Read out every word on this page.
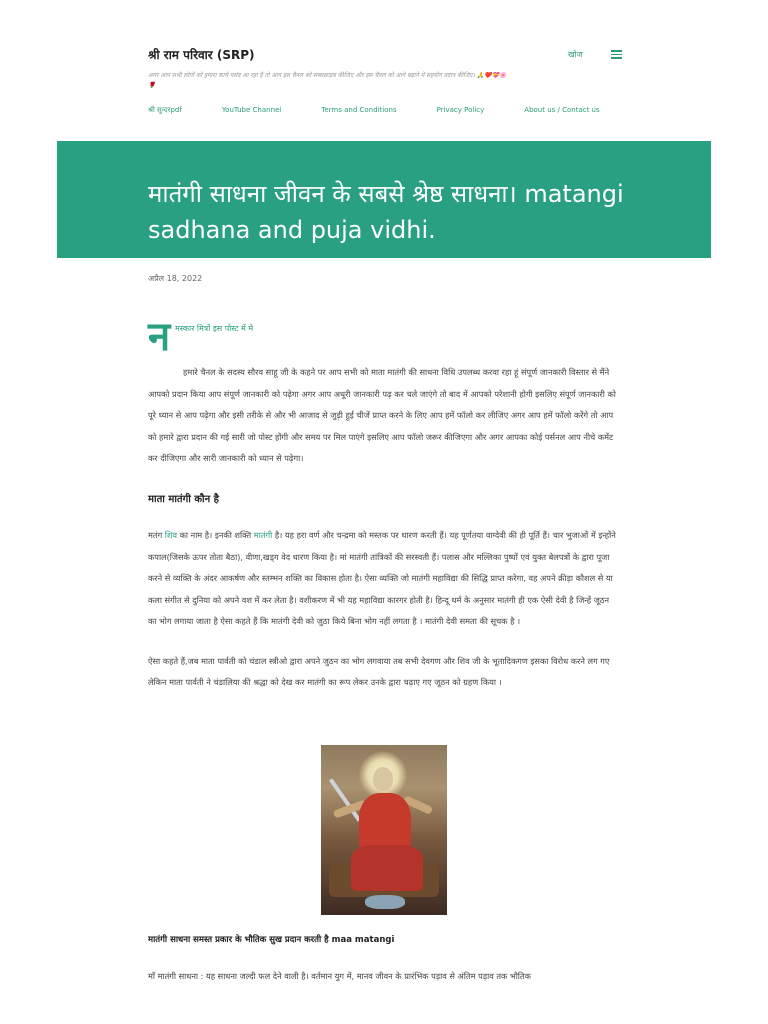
श्री राम परिवार (SRP)
अगर आप सभी लोगों को हमारा कार्य पसंद आ रहा है तो आप इस चैनल को सब्सक्राइब कीजिए और इस चैनल को आगे बढ़ाने में सहयोग प्रदान कीजिए। 🙏❤️💝🌸🌹
खोज
श्री सुन्दरpdf	YouTube Channel	Terms and Conditions	Privacy Policy	About us / Contact us
मातंगी साधना जीवन के सबसे श्रेष्ठ साधना। matangi sadhana and puja vidhi.
अप्रैल 18, 2022
न मस्कार मित्रों इस पोस्ट में मे

हमारे चैनल के सदस्य सौरव साहू जी के कहने पर आप सभी को माता मातंगी की साधना विधि उपलब्ध करवा रहा हूं संपूर्ण जानकारी विस्तार से मैंने आपको प्रदान किया आप संपूर्ण जानकारी को पढ़ेगा अगर आप अधूरी जानकारी पढ़ कर चले जाएंगे तो बाद में आपको परेशानी होगी इसलिए संपूर्ण जानकारी को पूरे ध्यान से आप पढ़ेगा और इसी तरीके से और भी आजाद से जुड़ी हुई चीजें प्राप्त करने के लिए आप हमें फॉलो कर लीजिए अगर आप हमें फॉलो करेंगे तो आप को हमारे द्वारा प्रदान की गई सारी जो पोस्ट होंगी और समय पर मिल पाएंगे इसलिए आप फॉलो जरूर कीजिएगा और अगर आपका कोई पर्सनल आप नीचे कमेंट कर दीजिएगा और सारी जानकारी को ध्यान से पढ़ेगा।

माता मातंगी कौन है

मतंग शिव का नाम है। इनकी शक्ति मातंगी है। यह हरा वर्ण और चन्द्रमा को मस्तक पर धारण करती हैं। यह पूर्णतया वाग्देवी की ही पूर्ति हैं। चार भुजाओं में इन्होंने कपाल(जिसके ऊपर तोता बैठा), वीणा,खड्ग वेद धारण किया है। मां मातंगी तांत्रिकों की सरस्वती हैं। पलास और मल्लिका पुष्पों एवं युक्त बेलपत्रों के द्वारा पूजा करने से व्यक्ति के अंदर आकर्षण और स्तम्भन शक्ति का विकास होता है। ऐसा व्यक्ति जो मातंगी महाविद्या की सिद्धि प्राप्त करेगा, वह अपने क्रीड़ा कौशल से या कला संगीत से दुनिया को अपने वश में कर लेता है। वशीकरण में भी यह महाविद्या कारगर होती है। हिन्दू धर्म के अनुसार मातंगी ही एक ऐसी देवी है जिन्हें जूठन का भोग लगाया जाता है ऐसा कहते हैं कि मातंगी देवी को जुठा किये बिना भोग नहीं लगता है । मातंगी देवी समता की सूचक है ।

ऐसा कहते हैं,जब माता पार्वती को चंडाल स्त्रीओ द्वारा अपने जुठन का भोग लगवाया तब सभी देवगण और शिव जी के भूतादिकगण इसका विरोध करने लग गए लेकिन माता पार्वती ने चंडालिया की श्रद्धा को देख कर मातंगी का रूप लेकर उनके द्वारा चढ़ाए गए जूठन को ग्रहण किया ।

मातंगी साधना समस्त प्रकार के भौतिक सुख प्रदान करती है maa matangi

माँ मातंगी साधना : यह साधना जल्दी फल देने वाली है। वर्तमान युग में, मानव जीवन के प्रारंभिक पड़ाव से अंतिम पड़ाव तक भौतिक
